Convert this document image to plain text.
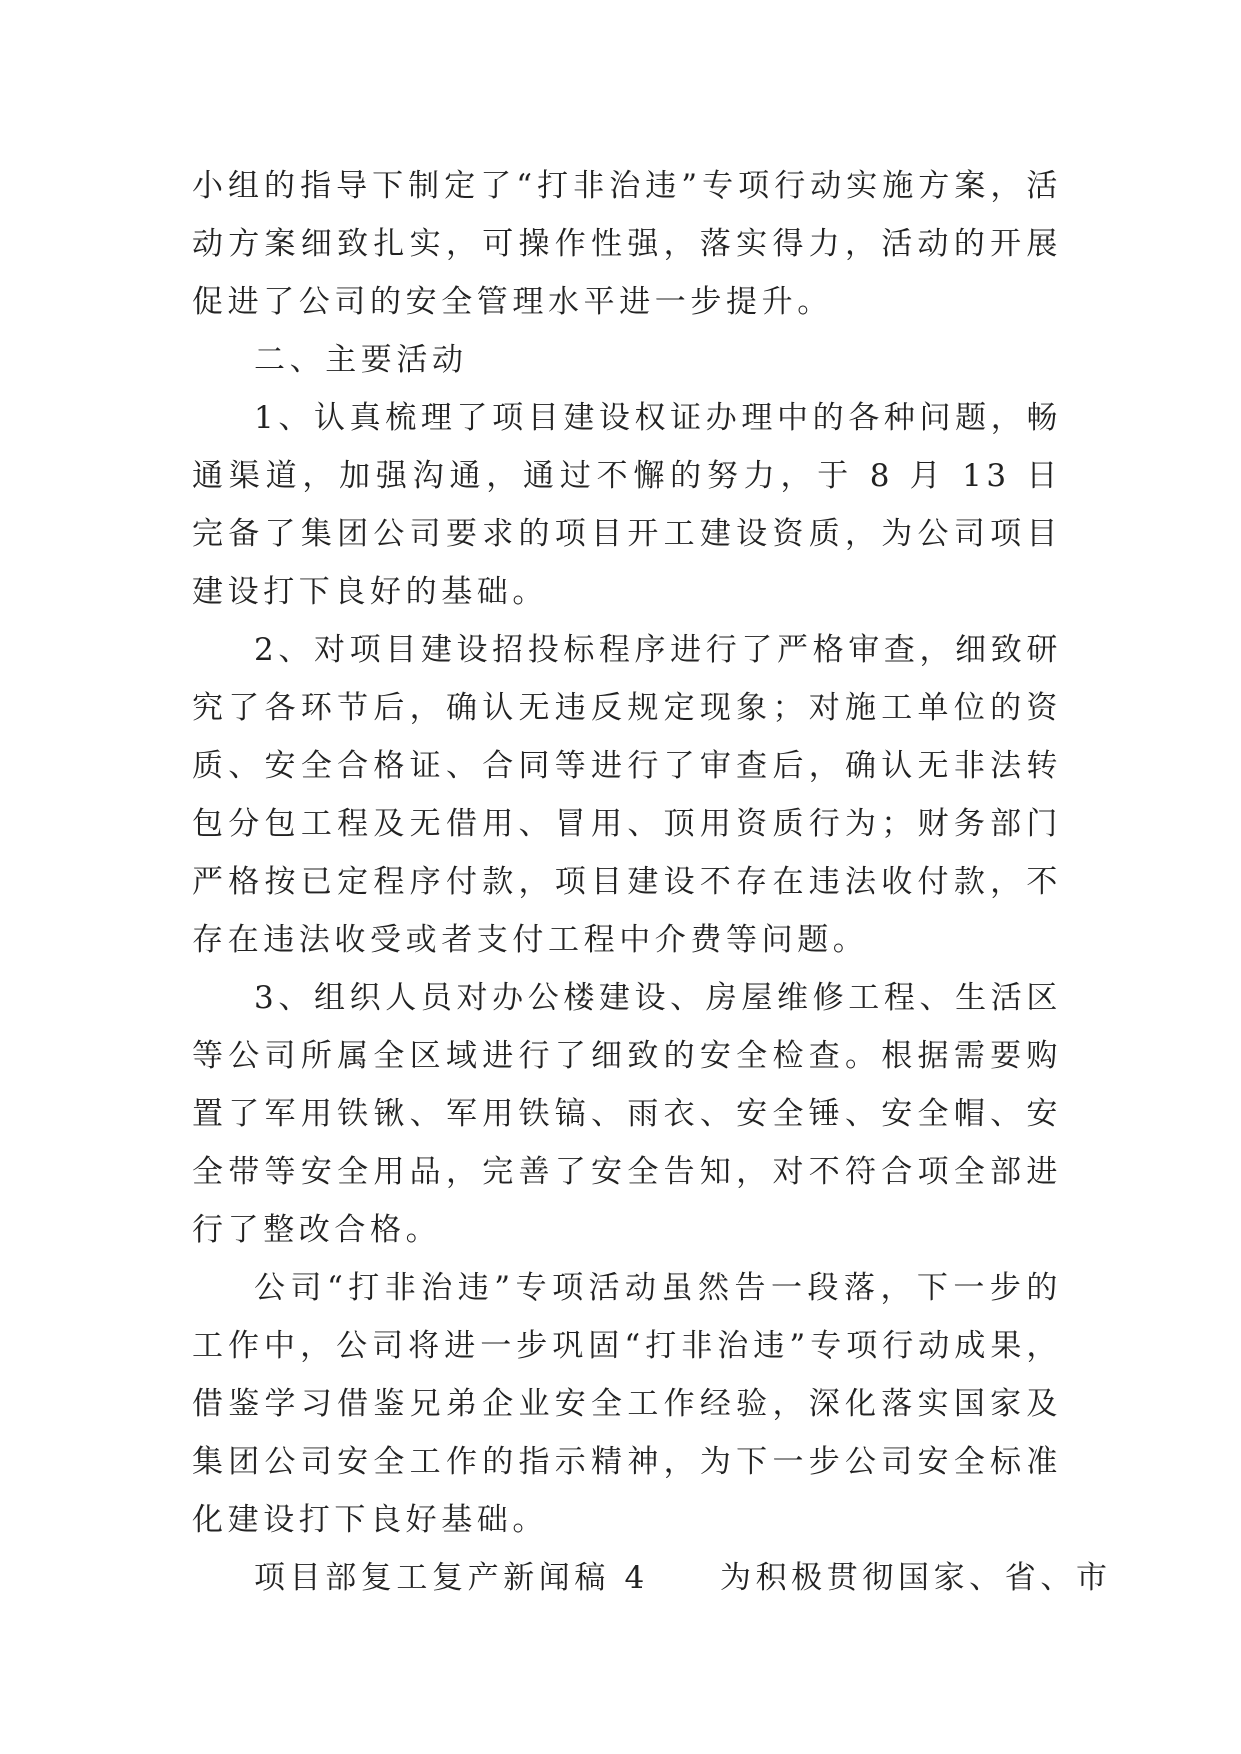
小组的指导下制定了“打非治违”专项行动实施方案，活动方案细致扎实，可操作性强，落实得力，活动的开展促进了公司的安全管理水平进一步提升。

二、主要活动

1、认真梳理了项目建设权证办理中的各种问题，畅通渠道，加强沟通，通过不懈的努力，于 8 月 13 日完备了集团公司要求的项目开工建设资质，为公司项目建设打下良好的基础。

2、对项目建设招投标程序进行了严格审查，细致研究了各环节后，确认无违反规定现象；对施工单位的资质、安全合格证、合同等进行了审查后，确认无非法转包分包工程及无借用、冒用、顶用资质行为；财务部门严格按已定程序付款，项目建设不存在违法收付款，不存在违法收受或者支付工程中介费等问题。

3、组织人员对办公楼建设、房屋维修工程、生活区等公司所属全区域进行了细致的安全检查。根据需要购置了军用铁锹、军用铁镐、雨衣、安全锤、安全帽、安全带等安全用品，完善了安全告知，对不符合项全部进行了整改合格。

公司“打非治违”专项活动虽然告一段落，下一步的工作中，公司将进一步巩固“打非治违”专项行动成果，借鉴学习借鉴兄弟企业安全工作经验，深化落实国家及集团公司安全工作的指示精神，为下一步公司安全标准化建设打下良好基础。

项目部复工复产新闻稿 4　　为积极贯彻国家、省、市
